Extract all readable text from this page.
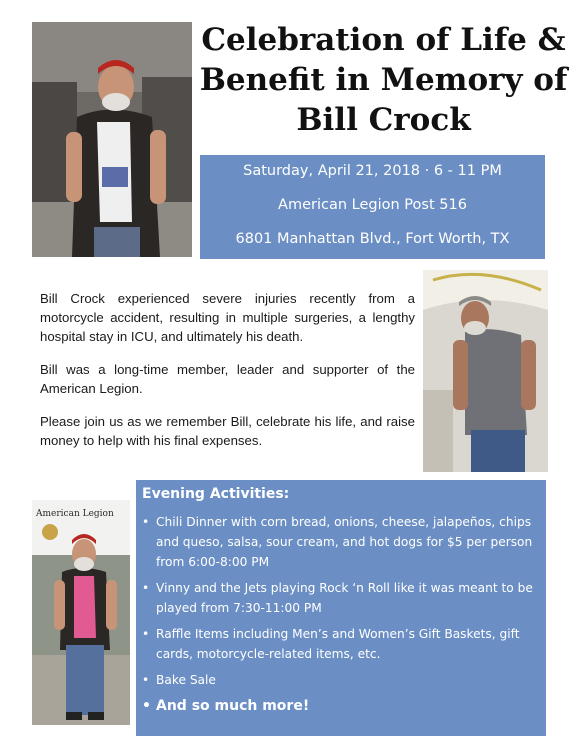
Celebration of Life & Benefit in Memory of Bill Crock
Saturday, April 21, 2018 · 6 - 11 PM
American Legion Post 516
6801 Manhattan Blvd., Fort Worth, TX

Bill Crock experienced severe injuries recently from a motorcycle accident, resulting in multiple surgeries, a lengthy hospital stay in ICU, and ultimately his death.

Bill was a long-time member, leader and supporter of the American Legion.

Please join us as we remember Bill, celebrate his life, and raise money to help with his final expenses.

American Legion
Evening Activities:
• Chili Dinner with corn bread, onions, cheese, jalapeños, chips and queso, salsa, sour cream, and hot dogs for $5 per person from 6:00-8:00 PM
• Vinny and the Jets playing Rock ‘n Roll like it was meant to be played from 7:30-11:00 PM
• Raffle Items including Men’s and Women’s Gift Baskets, gift cards, motorcycle-related items, etc.
• Bake Sale
• And so much more!
